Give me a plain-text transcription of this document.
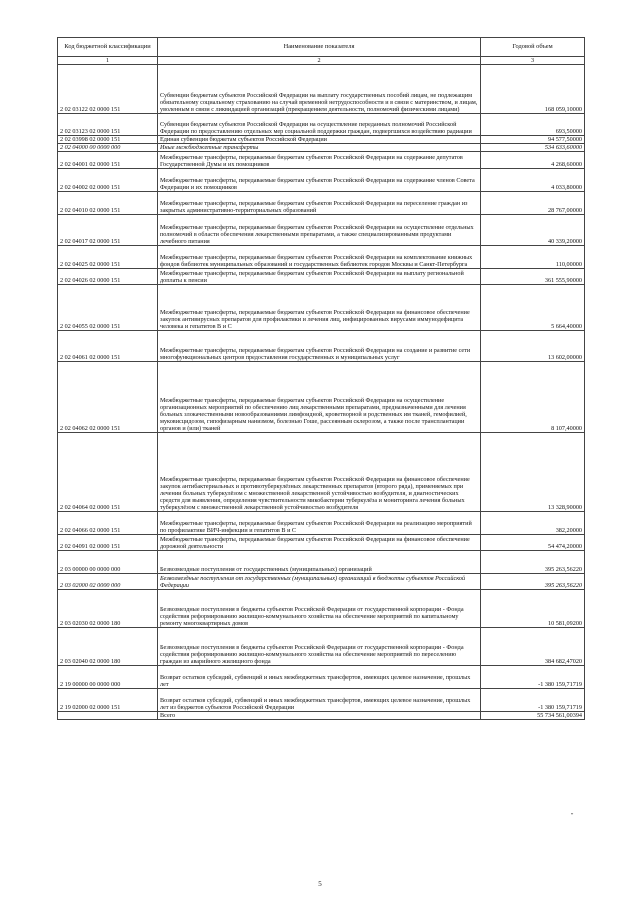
Код бюджетной классификации	Наименование показателя	Годовой объем
1	2	3
2 02 03122 02 0000 151	Субвенции бюджетам субъектов Российской Федерации на выплату государственных пособий лицам, не подлежащим обязательному социальному страхованию на случай временной нетрудоспособности и в связи с материнством, и лицам, уволенным в связи с ликвидацией организаций (прекращением деятельности, полномочий физическими лицами)	168 059,10000
2 02 03123 02 0000 151	Субвенции бюджетам субъектов Российской Федерации на осуществление переданных полномочий Российской Федерации по предоставлению отдельных мер социальной поддержки граждан, подвергшихся воздействию радиации	693,50000
2 02 03998 02 0000 151	Единая субвенция бюджетам субъектов Российской Федерации	94 577,50000
2 02 04000 00 0000 000	Иные межбюджетные трансферты	534 633,60000
2 02 04001 02 0000 151	Межбюджетные трансферты, передаваемые бюджетам субъектов Российской Федерации на содержание депутатов Государственной Думы и их помощников	4 268,60000
2 02 04002 02 0000 151	Межбюджетные трансферты, передаваемые бюджетам субъектов Российской Федерации на содержание членов Совета Федерации и их помощников	4 033,80000
2 02 04010 02 0000 151	Межбюджетные трансферты, передаваемые бюджетам субъектов Российской Федерации на переселение граждан из закрытых административно-территориальных образований	28 767,00000
2 02 04017 02 0000 151	Межбюджетные трансферты, передаваемые бюджетам субъектов Российской Федерации на осуществление отдельных полномочий в области обеспечения лекарственными препаратами, а также специализированными продуктами лечебного питания	40 339,20000
2 02 04025 02 0000 151	Межбюджетные трансферты, передаваемые бюджетам субъектов Российской Федерации на комплектование книжных фондов библиотек муниципальных образований и государственных библиотек городов Москвы и Санкт-Петербурга	110,00000
2 02 04026 02 0000 151	Межбюджетные трансферты, передаваемые бюджетам субъектов Российской Федерации на выплату региональной доплаты к пенсии	361 555,90000
2 02 04055 02 0000 151	Межбюджетные трансферты, передаваемые бюджетам субъектов Российской Федерации на финансовое обеспечение закупок антивирусных препаратов для профилактики и лечения лиц, инфицированных вирусами иммунодефицита человека и гепатитов B и C	5 664,40000
2 02 04061 02 0000 151	Межбюджетные трансферты, передаваемые бюджетам субъектов Российской Федерации на создание и развитие сети многофункциональных центров предоставления государственных и муниципальных услуг	13 602,00000
2 02 04062 02 0000 151	Межбюджетные трансферты, передаваемые бюджетам субъектов Российской Федерации на осуществление организационных мероприятий по обеспечению лиц лекарственными препаратами, предназначенными для лечения больных злокачественными новообразованиями лимфоидной, кроветворной и родственных им тканей, гемофилией, муковисцидозом, гипофизарным нанизмом, болезнью Гоше, рассеянным склерозом, а также после трансплантации органов и (или) тканей	8 107,40000
2 02 04064 02 0000 151	Межбюджетные трансферты, передаваемые бюджетам субъектов Российской Федерации на финансовое обеспечение закупок антибактериальных и противотуберкулёзных лекарственных препаратов (второго ряда), применяемых при лечении больных туберкулёзом с множественной лекарственной устойчивостью возбудителя, и диагностических средств для выявления, определения чувствительности микобактерии туберкулёза и мониторинга лечения больных туберкулёзом с множественной лекарственной устойчивостью возбудителя	13 328,90000
2 02 04066 02 0000 151	Межбюджетные трансферты, передаваемые бюджетам субъектов Российской Федерации на реализацию мероприятий по профилактике ВИЧ-инфекции и гепатитов B и C	382,20000
2 02 04091 02 0000 151	Межбюджетные трансферты, передаваемые бюджетам субъектов Российской Федерации на финансовое обеспечение дорожной деятельности	54 474,20000
2 03 00000 00 0000 000	Безвозмездные поступления от государственных (муниципальных) организаций	395 263,56220
2 03 02000 02 0000 000	Безвозмездные поступления от государственных (муниципальных) организаций в бюджеты субъектов Российской Федерации	395 263,56220
2 03 02030 02 0000 180	Безвозмездные поступления в бюджеты субъектов Российской Федерации от государственной корпорации - Фонда содействия реформированию жилищно-коммунального хозяйства на обеспечение мероприятий по капитальному ремонту многоквартирных домов	10 581,09200
2 03 02040 02 0000 180	Безвозмездные поступления в бюджеты субъектов Российской Федерации от государственной корпорации - Фонда содействия реформированию жилищно-коммунального хозяйства на обеспечение мероприятий по переселению граждан из аварийного жилищного фонда	384 682,47020
2 19 00000 00 0000 000	Возврат остатков субсидий, субвенций и иных межбюджетных трансфертов, имеющих целевое назначение, прошлых лет	-1 380 159,71719
2 19 02000 02 0000 151	Возврат остатков субсидий, субвенций и иных межбюджетных трансфертов, имеющих целевое назначение, прошлых лет из бюджетов субъектов Российской Федерации	-1 380 159,71719
	Всего	55 734 561,00394
"
5
